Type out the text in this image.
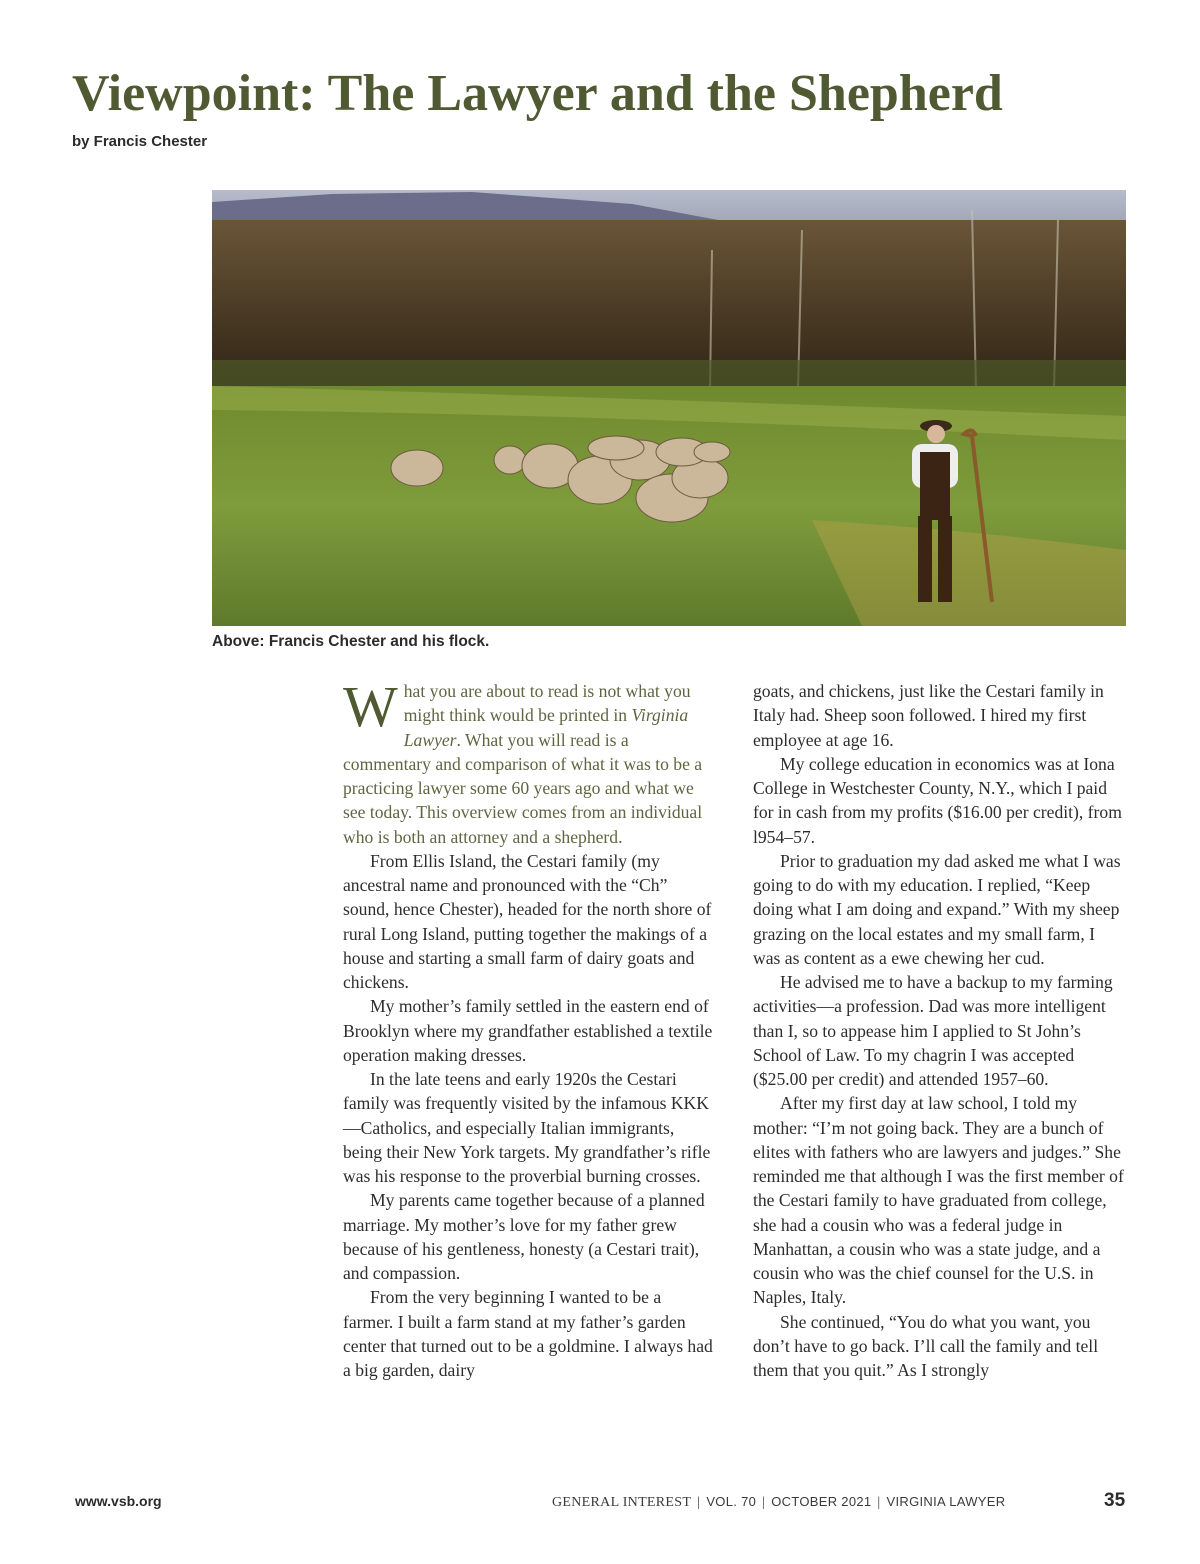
Viewpoint: The Lawyer and the Shepherd
by Francis Chester
Above: Francis Chester and his flock.

What you are about to read is not what you might think would be printed in Virginia Lawyer. What you will read is a commentary and comparison of what it was to be a practicing lawyer some 60 years ago and what we see today. This overview comes from an individual who is both an attorney and a shepherd.

From Ellis Island, the Cestari family (my ancestral name and pronounced with the “Ch” sound, hence Chester), headed for the north shore of rural Long Island, putting together the makings of a house and starting a small farm of dairy goats and chickens.

My mother’s family settled in the eastern end of Brooklyn where my grandfather established a textile operation making dresses.

In the late teens and early 1920s the Cestari family was frequently visited by the infamous KKK—Catholics, and especially Italian immigrants, being their New York targets. My grandfather’s rifle was his response to the proverbial burning crosses.

My parents came together because of a planned marriage. My mother’s love for my father grew because of his gentleness, honesty (a Cestari trait), and compassion.

From the very beginning I wanted to be a farmer. I built a farm stand at my father’s garden center that turned out to be a goldmine. I always had a big garden, dairy

goats, and chickens, just like the Cestari family in Italy had. Sheep soon followed. I hired my first employee at age 16.

My college education in economics was at Iona College in Westchester County, N.Y., which I paid for in cash from my profits ($16.00 per credit), from l954–57.

Prior to graduation my dad asked me what I was going to do with my education. I replied, “Keep doing what I am doing and expand.” With my sheep grazing on the local estates and my small farm, I was as content as a ewe chewing her cud.

He advised me to have a backup to my farming activities—a profession. Dad was more intelligent than I, so to appease him I applied to St John’s School of Law. To my chagrin I was accepted ($25.00 per credit) and attended 1957–60.

After my first day at law school, I told my mother: “I’m not going back. They are a bunch of elites with fathers who are lawyers and judges.” She reminded me that although I was the first member of the Cestari family to have graduated from college, she had a cousin who was a federal judge in Manhattan, a cousin who was a state judge, and a cousin who was the chief counsel for the U.S. in Naples, Italy.

She continued, “You do what you want, you don’t have to go back. I’ll call the family and tell them that you quit.” As I strongly

www.vsb.org	GENERAL INTEREST | VOL. 70 | OCTOBER 2021 | VIRGINIA LAWYER	35
